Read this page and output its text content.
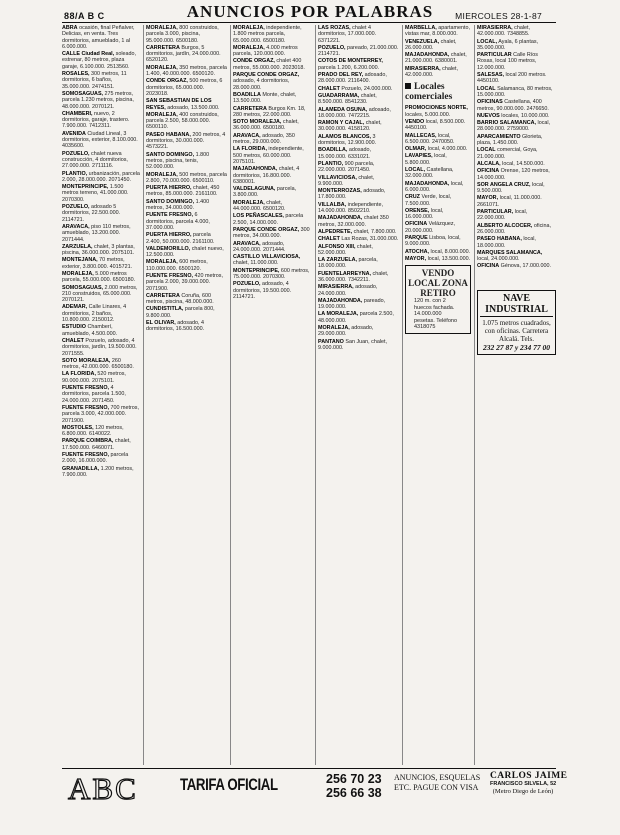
88/A B C	ANUNCIOS POR PALABRAS	MIERCOLES 28-1-87

ABRA ocasión, final Peñalver, Delicias, en venta. Tres dormitorios, amueblado, 1 al 6.000.000.

CALLE Ciudad Real, soleado, estrenar, 80 metros, plaza garaje, 6.100.000. 2513560.

ROSALES, 300 metros, 11 dormitorios, 6 baños, 35.000.000. 2474151.

SOMOSAGUAS, 275 metros, parcela 1.230 metros, piscina, 48.000.000. 2070121.

CHAMBERI, nuevo, 2 dormitorios, garaje, trastero. 7.900.000. 7412311.

AVENIDA Ciudad Lineal, 3 dormitorios, exterior, 8.100.000. 4035600.

POZUELO, chalet nueva construcción, 4 dormitorios, 27.000.000. 2711116.

PLANTIO, urbanización, parcela 2.000, 28.000.000. 2071450.

MONTEPRINCIPE, 1.500 metros terreno, 41.000.000. 2070300.

POZUELO, adosado 5 dormitorios, 22.500.000. 2114721.

ARAVACA, piso 110 metros, amueblado, 13.200.000. 2071444.

ZARZUELA, chalet, 3 plantas, piscina, 36.000.000. 2075101.

MONTEJANA, 70 metros, exterior, 3.800.000. 4015721.

MORALEJA, 5.000 metros parcela, 55.000.000. 6500180.

SOMOSAGUAS, 2.000 metros, 210 construidos, 65.000.000. 2070121.

ADEMAR, Calle Linares, 4 dormitorios, 2 baños, 10.800.000. 2150012.

ESTUDIO Chamberí, amueblado, 4.500.000.

CHALET Pozuelo, adosado, 4 dormitorios, jardín, 19.500.000. 2071555.

SOTO MORALEJA, 260 metros, 42.000.000. 6500180.

LA FLORIDA, 520 metros, 90.000.000. 2075101.

FUENTE FRESNO, 4 dormitorios, parcela 1.500, 24.000.000. 2071450.

FUENTE FRESNO, 700 metros, parcela 3.000, 42.000.000. 2071900.

MOSTOLES, 120 metros, 6.800.000. 6140022.

PARQUE COIMBRA, chalet, 17.500.000. 6460071.

FUENTE FRESNO, parcela 2.000, 16.000.000.

GRANADILLA, 1.200 metros, 7.900.000.

MORALEJA, 800 construidos, parcela 3.000, piscina, 95.000.000. 6500180.

CARRETERA Burgos, 5 dormitorios, jardín, 24.000.000. 6520120.

MORALEJA, 350 metros, parcela 1.400, 40.000.000. 6500120.

CONDE ORGAZ, 500 metros, 6 dormitorios, 65.000.000. 2023018.

SAN SEBASTIAN DE LOS REYES, adosado, 13.500.000.

MORALEJA, 400 construidos, parcela 2.500, 58.000.000. 6500110.

PASEO HABANA, 200 metros, 4 dormitorios, 30.000.000. 4573221.

SANTO DOMINGO, 1.800 metros, piscina, tenis, 52.000.000.

MORALEJA, 500 metros, parcela 2.800, 70.000.000. 6500110.

PUERTA HIERRO, chalet, 450 metros, 85.000.000. 2161100.

SANTO DOMINGO, 1.400 metros, 34.000.000.

FUENTE FRESNO, 6 dormitorios, parcela 4.000, 37.000.000.

PUERTA HIERRO, parcela 2.400, 50.000.000. 2161100.

VALDEMORILLO, chalet nuevo, 12.500.000.

MORALEJA, 600 metros, 110.000.000. 6500120.

FUENTE FRESNO, 420 metros, parcela 2.000, 39.000.000. 2071900.

CARRETERA Coruña, 600 metros, piscina, 48.000.000.

CUNDISTITLA, parcela 800, 9.800.000.

EL OLIVAR, adosado, 4 dormitorios, 16.500.000.

MORALEJA, independiente, 1.800 metros parcela, 65.000.000. 6500180.

MORALEJA, 4.000 metros parcela, 120.000.000.

CONDE ORGAZ, chalet 400 metros, 55.000.000. 2023018.

PARQUE CONDE ORGAZ, adosado, 4 dormitorios, 28.000.000.

BOADILLA Monte, chalet, 13.500.000.

CARRETERA Burgos Km. 18, 280 metros, 22.000.000.

SOTO MORALEJA, chalet, 36.000.000. 6500180.

ARAVACA, adosado, 350 metros, 29.000.000.

LA FLORIDA, independiente, 500 metros, 60.000.000. 2075101.

MAJADAHONDA, chalet, 4 dormitorios, 16.800.000. 6380001.

VALDELAGUNA, parcela, 3.800.000.

MORALEJA, chalet, 44.000.000. 6500120.

LOS PEÑASCALES, parcela 2.500, 14.000.000.

PARQUE CONDE ORGAZ, 300 metros, 34.000.000.

ARAVACA, adosado, 24.000.000. 2071444.

CASTILLO VILLAVICIOSA, chalet, 11.000.000.

MONTEPRINCIPE, 600 metros, 75.000.000. 2070300.

POZUELO, adosado, 4 dormitorios, 19.500.000. 2114721.

LAS ROZAS, chalet 4 dormitorios, 17.000.000. 6371221.

POZUELO, pareado, 21.000.000. 2114721.

COTOS DE MONTERREY, parcela 1.200, 6.200.000.

PRADO DEL REY, adosado, 28.000.000. 2116400.

CHALET Pozuelo, 24.000.000.

GUADARRAMA, chalet, 8.500.000. 8541230.

ALAMEDA OSUNA, adosado, 18.000.000. 7472215.

RAMON Y CAJAL, chalet, 30.000.000. 4158120.

ALAMOS BLANCOS, 3 dormitorios, 12.900.000.

BOADILLA, adosado, 15.000.000. 6331021.

PLANTIO, 900 parcela, 22.000.000. 2071450.

VILLAVICIOSA, chalet, 9.900.000.

MONTERROZAS, adosado, 17.800.000.

VILLALBA, independiente, 14.000.000. 8502210.

MAJADAHONDA, chalet 350 metros, 32.000.000.

ALPEDRETE, chalet, 7.800.000.

CHALET Las Rozas, 31.000.000.

ALFONSO XIII, chalet, 52.000.000.

LA ZARZUELA, parcela, 18.000.000.

FUENTELARREYNA, chalet, 36.000.000. 7342211.

MIRASIERRA, adosado, 24.000.000.

MAJADAHONDA, pareado, 19.000.000.

LA MORALEJA, parcela 2.500, 48.000.000.

MORALEJA, adosado, 29.000.000.

PANTANO San Juan, chalet, 9.000.000.

MARBELLA, apartamento, vistas mar, 8.000.000.

VENEZUELA, chalet, 26.000.000.

MAJADAHONDA, chalet, 21.000.000. 6380001.

MIRASIERRA, chalet, 42.000.000.

Locales comerciales

PROMOCIONES NORTE, locales, 5.000.000.

VENDO local, 8.500.000. 4450100.

MALLECAS, local, 6.500.000. 2470050.

OLMAR, local, 4.000.000.

LAVAPIES, local, 5.800.000.

LOCAL, Castellana, 32.000.000.

MAJADAHONDA, local, 6.000.000.

CRUZ Verde, local, 7.500.000.

ORENSE, local, 16.000.000.

OFICINA Velázquez, 20.000.000.

PARQUE Lisboa, local, 9.000.000.

ATOCHA, local, 8.000.000.

MAYOR, local, 13.500.000.

VENDO LOCAL ZONA RETIRO
120 m. con 2 huecos fachada. 14.000.000 pesetas. Teléfono 4318075

MIRASIERRA, chalet, 42.000.000. 7348855.

LOCAL, Ayala, 6 plantas, 35.000.000.

PARTICULAR Calle Ríos Rosas, local 100 metros, 12.000.000.

SALESAS, local 200 metros. 4450100.

LOCAL Salamanca, 80 metros, 15.000.000.

OFICINAS Castellana, 400 metros, 90.000.000. 2476650.

NUEVOS locales, 10.000.000.

BARRIO SALAMANCA, local, 28.000.000. 2759000.

APARCAMIENTO Glorieta, plaza, 1.450.000.

LOCAL comercial, Goya, 21.000.000.

ALCALA, local, 14.500.000.

OFICINA Orense, 120 metros, 14.000.000.

SOR ANGELA CRUZ, local, 9.500.000.

MAYOR, local, 11.000.000. 2661071.

PARTICULAR, local, 22.000.000.

ALBERTO ALCOCER, oficina, 26.000.000.

PASEO HABANA, local, 18.000.000.

MARQUES SALAMANCA, local, 24.000.000.

OFICINA Génova, 17.000.000.

NAVE INDUSTRIAL
1.075 metros cuadrados, con oficinas. Carretera Alcalá. Tels.
232 27 87 y 234 77 00
ABC TARIFA OFICIAL	256 70 23
256 66 38
ANUNCIOS, ESQUELAS
ETC. PAGUE CON VISA
CARLOS JAIME
FRANCISCO SILVELA, 52
(Metro Diego de León)
